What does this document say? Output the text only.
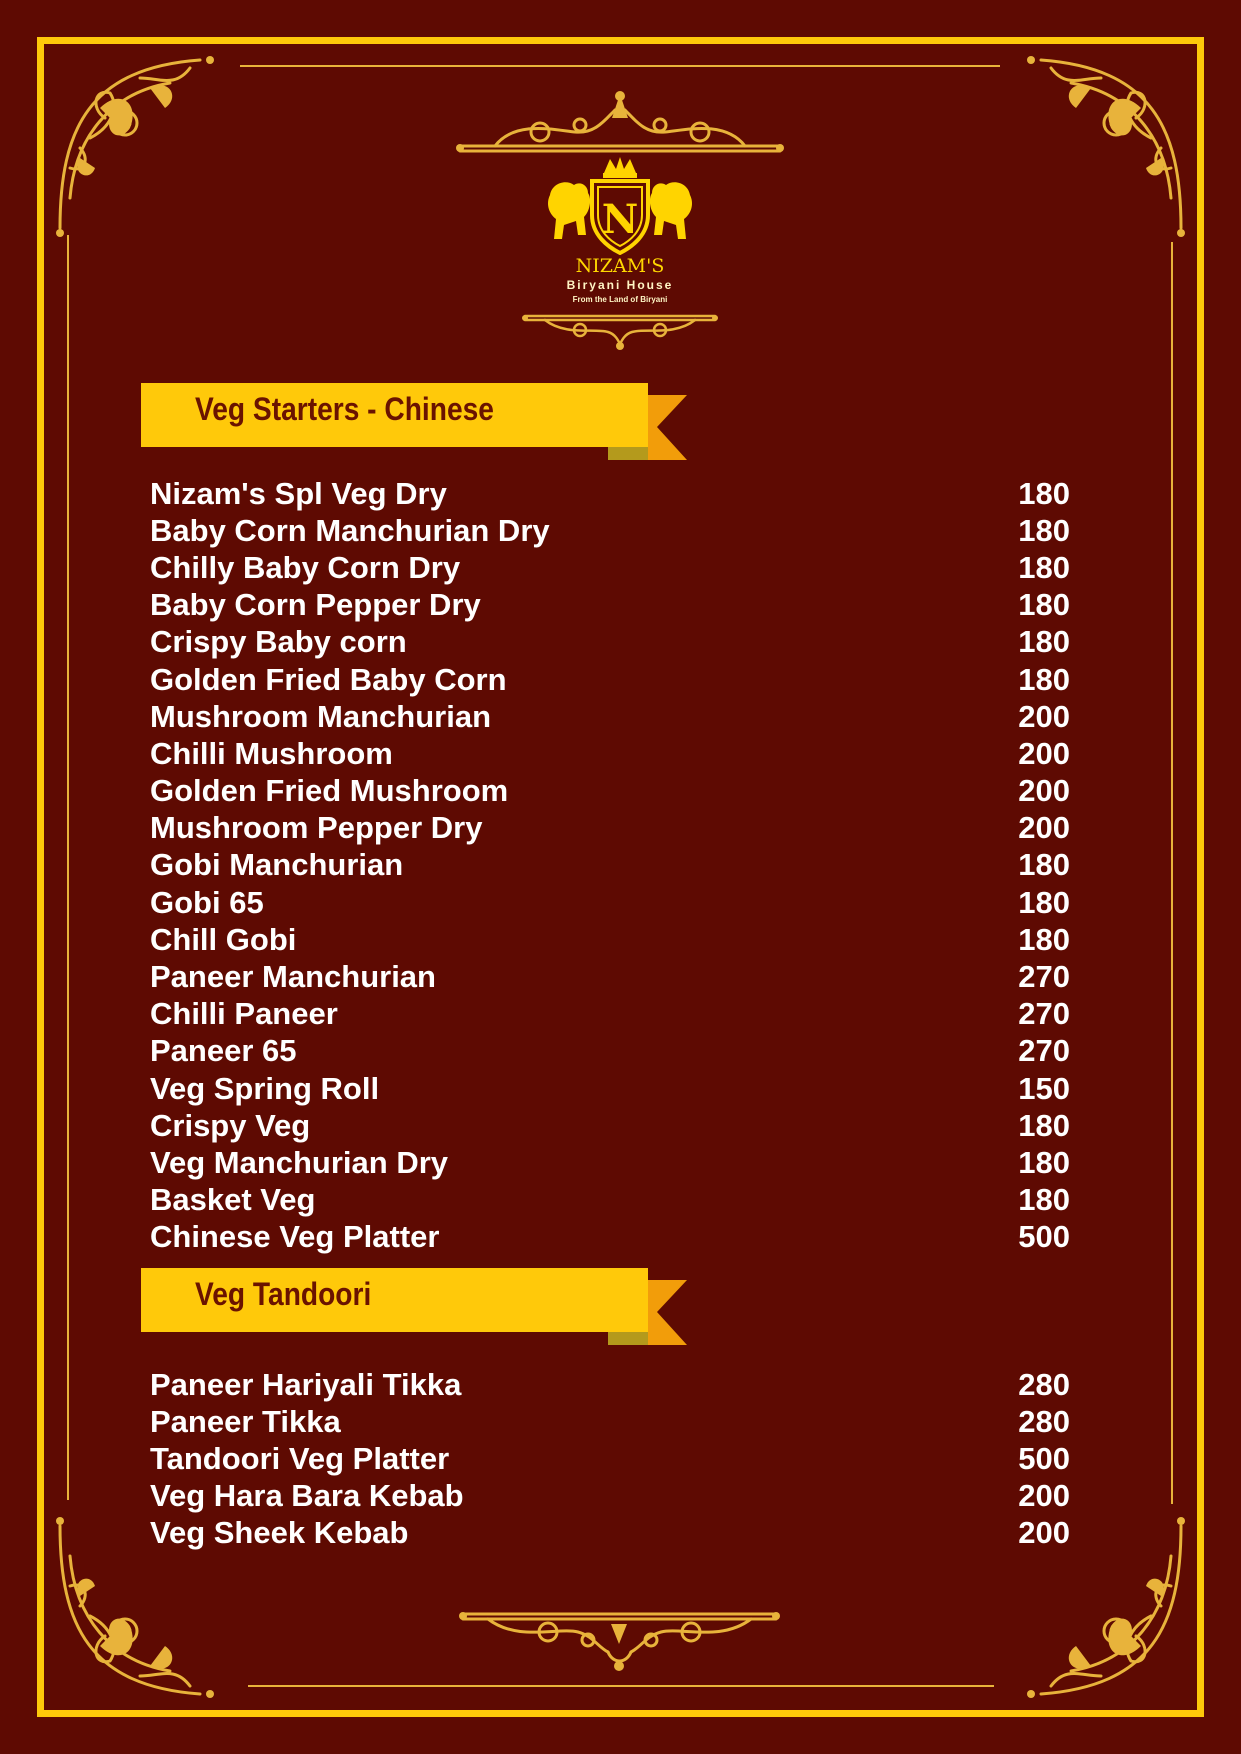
N
NIZAM'S
Biryani House
From the Land of Biryani
Veg Starters - Chinese
Nizam's Spl Veg Dry	180
Baby Corn Manchurian Dry	180
Chilly Baby Corn Dry	180
Baby Corn Pepper Dry	180
Crispy Baby corn	180
Golden Fried Baby Corn	180
Mushroom Manchurian	200
Chilli Mushroom	200
Golden Fried Mushroom	200
Mushroom Pepper Dry	200
Gobi Manchurian	180
Gobi 65	180
Chill Gobi	180
Paneer Manchurian	270
Chilli Paneer	270
Paneer 65	270
Veg Spring Roll	150
Crispy Veg	180
Veg Manchurian Dry	180
Basket Veg	180
Chinese Veg Platter	500
Veg Tandoori
Paneer Hariyali Tikka	280
Paneer Tikka	280
Tandoori Veg Platter	500
Veg Hara Bara Kebab	200
Veg Sheek Kebab	200
